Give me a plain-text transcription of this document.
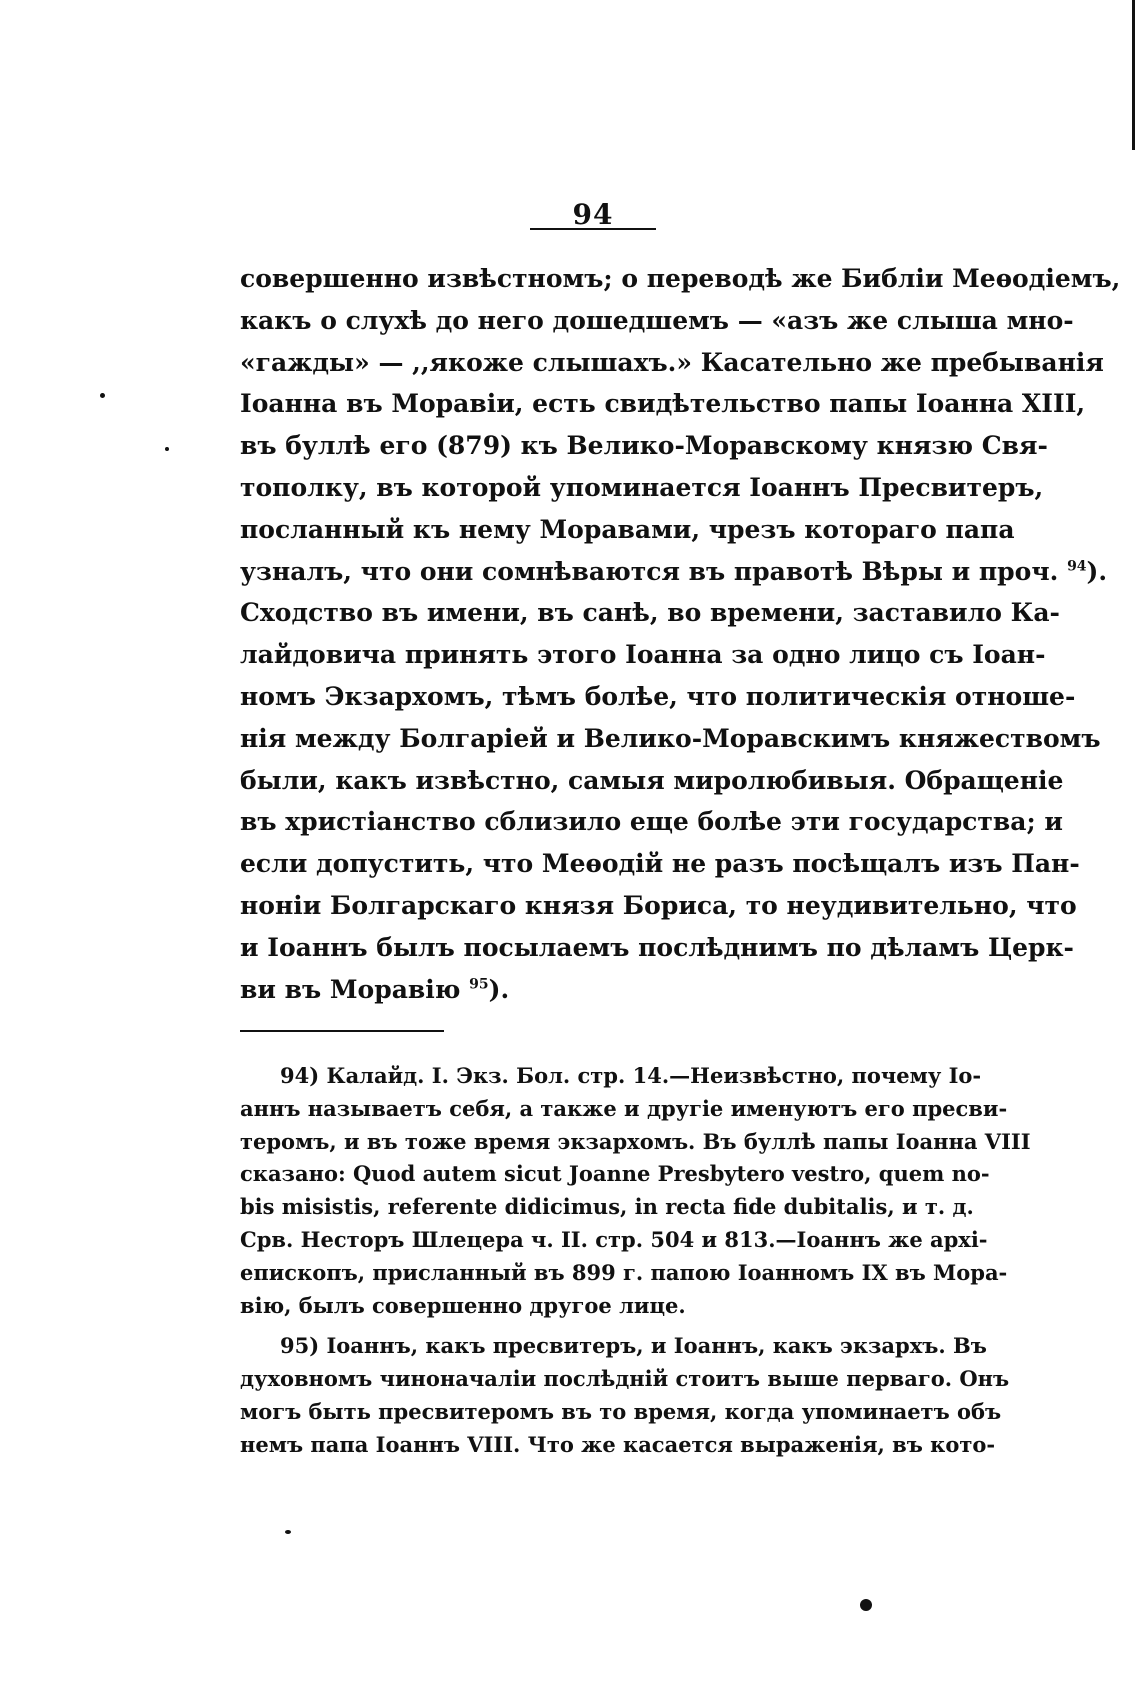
94
совершенно извѣстномъ; о переводѣ же Библіи Меѳодіемъ,
какъ о слухѣ до него дошедшемъ — «азъ же слыша мно-
«гажды» — ,,якоже слышахъ.» Касательно же пребыванія
Іоанна въ Моравіи, есть свидѣтельство папы Іоанна XIII,
въ буллѣ его (879) къ Велико-Моравскому князю Свя-
тополку, въ которой упоминается Іоаннъ Пресвитеръ,
посланный къ нему Моравами, чрезъ котораго папа
узналъ, что они сомнѣваются въ правотѣ Вѣры и проч. $^{94}$).
Сходство въ имени, въ санѣ, во времени, заставило Ка-
лайдовича принять этого Іоанна за одно лицо съ Іоан-
номъ Экзархомъ, тѣмъ болѣе, что политическія отноше-
нія между Болгаріей и Велико-Моравскимъ княжествомъ
были, какъ извѣстно, самыя миролюбивыя. Обращеніе
въ христіанство сблизило еще болѣе эти государства; и
если допустить, что Меѳодій не разъ посѣщалъ изъ Пан-
ноніи Болгарскаго князя Бориса, то неудивительно, что
и Іоаннъ былъ посылаемъ послѣднимъ по дѣламъ Церк-
ви въ Моравію $^{95}$).
94) Калайд. I. Экз. Бол. стр. 14.—Неизвѣстно, почему Іо-
аннъ называетъ себя, а также и другіе именуютъ его пресви-
теромъ, и въ тоже время экзархомъ. Въ буллѣ папы Іоанна VIII
сказано: Quod autem sicut Joanne Presbytero vestro, quem no-
bis misistis, referente didicimus, in recta fide dubitalis, и т. д.
Срв. Несторъ Шлецера ч. II. стр. 504 и 813.—Іоаннъ же архі-
епископъ, присланный въ 899 г. папою Іоанномъ IX въ Мора-
вію, былъ совершенно другое лице.
95) Іоаннъ, какъ пресвитеръ, и Іоаннъ, какъ экзархъ. Въ
духовномъ чиноначаліи послѣдній стоитъ выше перваго. Онъ
могъ быть пресвитеромъ въ то время, когда упоминаетъ объ
немъ папа Іоаннъ VIII. Что же касается выраженія, въ кото-
